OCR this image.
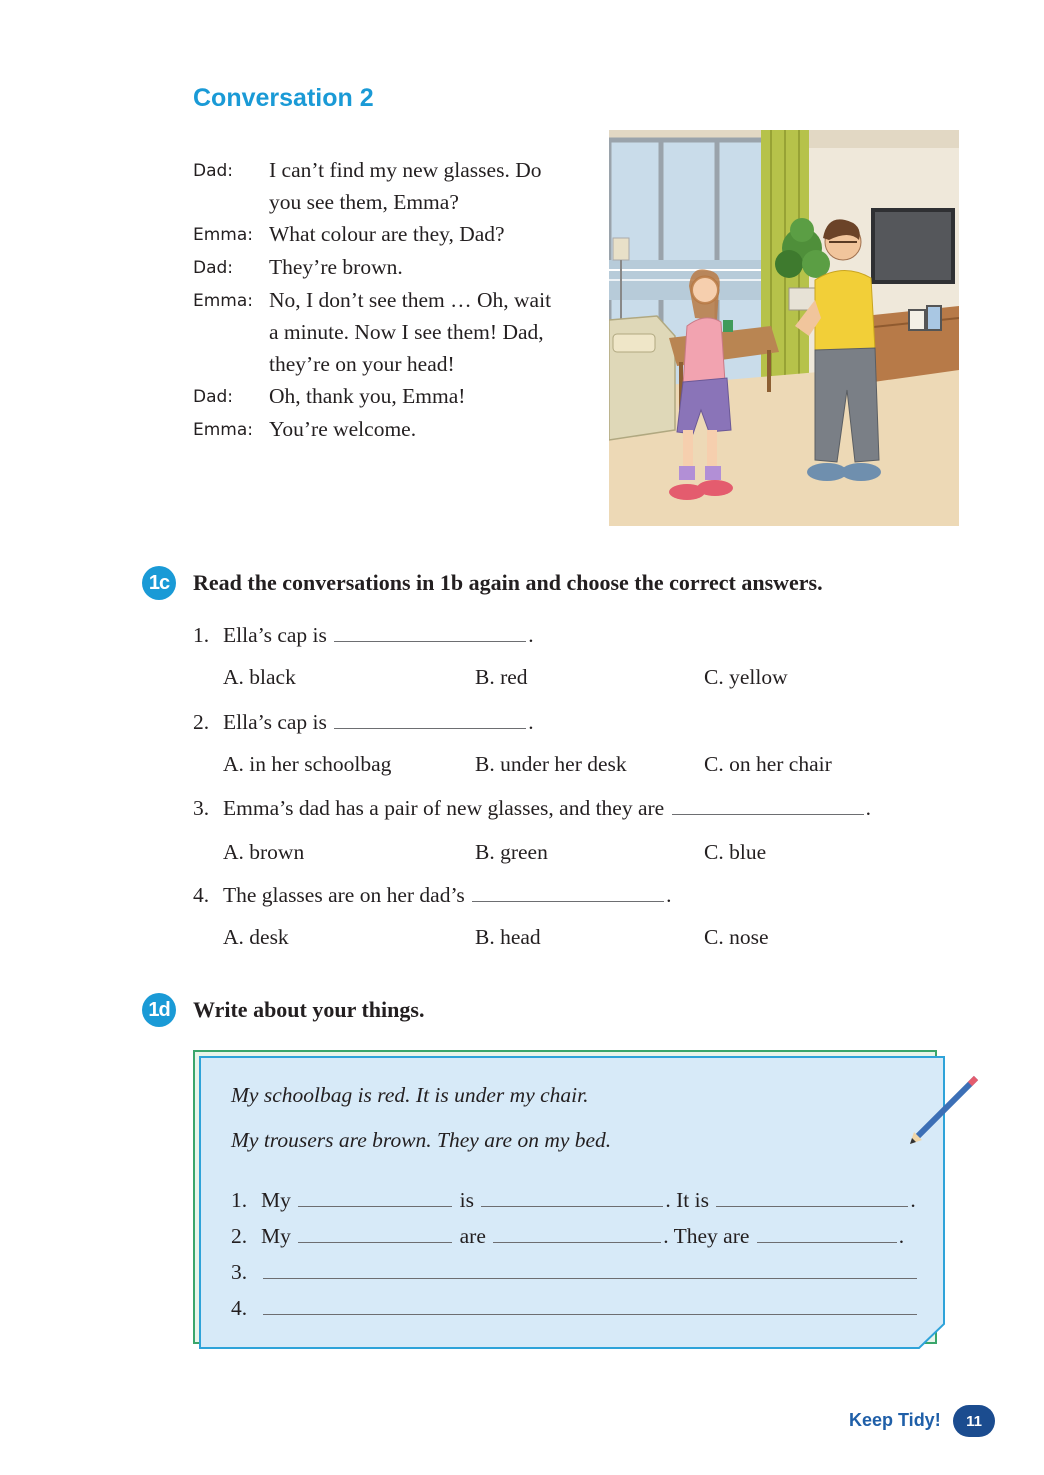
Conversation 2
Dad:	I can’t find my new glasses. Do you see them, Emma?
Emma: What colour are they, Dad?
Dad:	They’re brown.
Emma: No, I don’t see them … Oh, wait a minute. Now I see them! Dad, they’re on your head!
Dad:	Oh, thank you, Emma!
Emma: You’re welcome.
1c	Read the conversations in 1b again and choose the correct answers.
1. Ella’s cap is	.
A. black	B. red	C. yellow
2. Ella’s cap is	.
A. in her schoolbag	B. under her desk	C. on her chair
3. Emma’s dad has a pair of new glasses, and they are	.
A. brown	B. green	C. blue
4. The glasses are on her dad’s	.
A. desk	B. head	C. nose
1d Write about your things.
My schoolbag is red. It is under my chair.
My trousers are brown. They are on my bed.
1. My	is	. It is	.
2. My	are	. They are	.
3.
4.
Keep Tidy!	11
